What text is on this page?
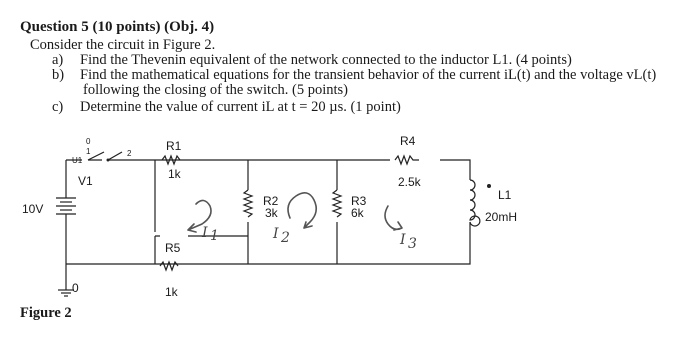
Question 5 (10 points) (Obj. 4)
Consider the circuit in Figure 2.
a) Find the Thevenin equivalent of the network connected to the inductor L1. (4 points)
b) Find the mathematical equations for the transient behavior of the current iL(t) and the voltage vL(t)
following the closing of the switch. (5 points)
c) Determine the value of current iL at t = 20 µs. (1 point)
10V
V1
U1
0
1	2
0
R1
1k
R4
2.5k
R5
1k
R2
3k
R3
6k
L1
20mH
I 1	I 2	I 3
Figure 2
